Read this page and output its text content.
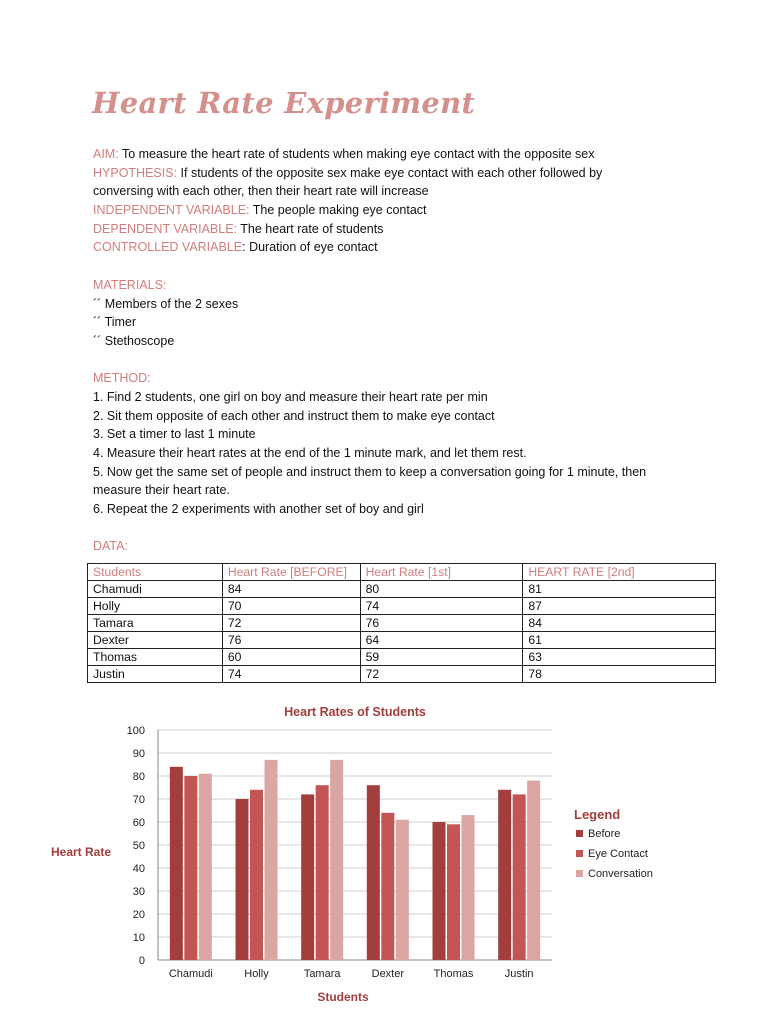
Heart Rate Experiment
AIM: To measure the heart rate of students when making eye contact with the opposite sex
HYPOTHESIS: If students of the opposite sex make eye contact with each other followed by
conversing with each other, then their heart rate will increase
INDEPENDENT VARIABLE: The people making eye contact
DEPENDENT VARIABLE: The heart rate of students
CONTROLLED VARIABLE: Duration of eye contact
MATERIALS:
´´ Members of the 2 sexes
´´ Timer
´´ Stethoscope
METHOD:
1. Find 2 students, one girl on boy and measure their heart rate per min
2. Sit them opposite of each other and instruct them to make eye contact
3. Set a timer to last 1 minute
4. Measure their heart rates at the end of the 1 minute mark, and let them rest.
5. Now get the same set of people and instruct them to keep a conversation going for 1 minute, then
measure their heart rate.
6. Repeat the 2 experiments with another set of boy and girl
DATA:
Students	Heart Rate [BEFORE]	Heart Rate [1st]	HEART RATE [2nd]
Chamudi	84	80	81
Holly	70	74	87
Tamara	72	76	84
Dexter	76	64	61
Thomas	60	59	63
Justin	74	72	78
Heart Rates of Students
0
10
20
30
40
50
60
70
80
90
100
Chamudi	Holly	Tamara	Dexter	Thomas	Justin
Students
Heart Rate
Legend
Before
Eye Contact
Conversation
